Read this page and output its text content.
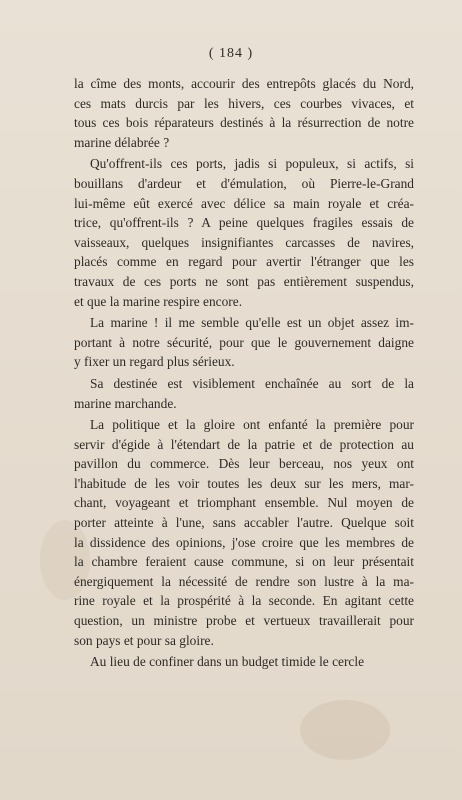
( 184 )
la cîme des monts, accourir des entrepôts glacés du Nord,
ces mats durcis par les hivers, ces courbes vivaces, et
tous ces bois réparateurs destinés à la résurrection de notre
marine délabrée ?
Qu'offrent-ils ces ports, jadis si populeux, si actifs, si
bouillans d'ardeur et d'émulation, où Pierre-le-Grand
lui-même eût exercé avec délice sa main royale et créa-
trice, qu'offrent-ils ? A peine quelques fragiles essais de
vaisseaux, quelques insignifiantes carcasses de navires,
placés comme en regard pour avertir l'étranger que les
travaux de ces ports ne sont pas entièrement suspendus,
et que la marine respire encore.
La marine ! il me semble qu'elle est un objet assez im-
portant à notre sécurité, pour que le gouvernement daigne
y fixer un regard plus sérieux.
Sa destinée est visiblement enchaînée au sort de la
marine marchande.
La politique et la gloire ont enfanté la première pour
servir d'égide à l'étendart de la patrie et de protection au
pavillon du commerce. Dès leur berceau, nos yeux ont
l'habitude de les voir toutes les deux sur les mers, mar-
chant, voyageant et triomphant ensemble. Nul moyen de
porter atteinte à l'une, sans accabler l'autre. Quelque soit
la dissidence des opinions, j'ose croire que les membres de
la chambre feraient cause commune, si on leur présentait
énergiquement la nécessité de rendre son lustre à la ma-
rine royale et la prospérité à la seconde. En agitant cette
question, un ministre probe et vertueux travaillerait pour
son pays et pour sa gloire.
Au lieu de confiner dans un budget timide le cercle
